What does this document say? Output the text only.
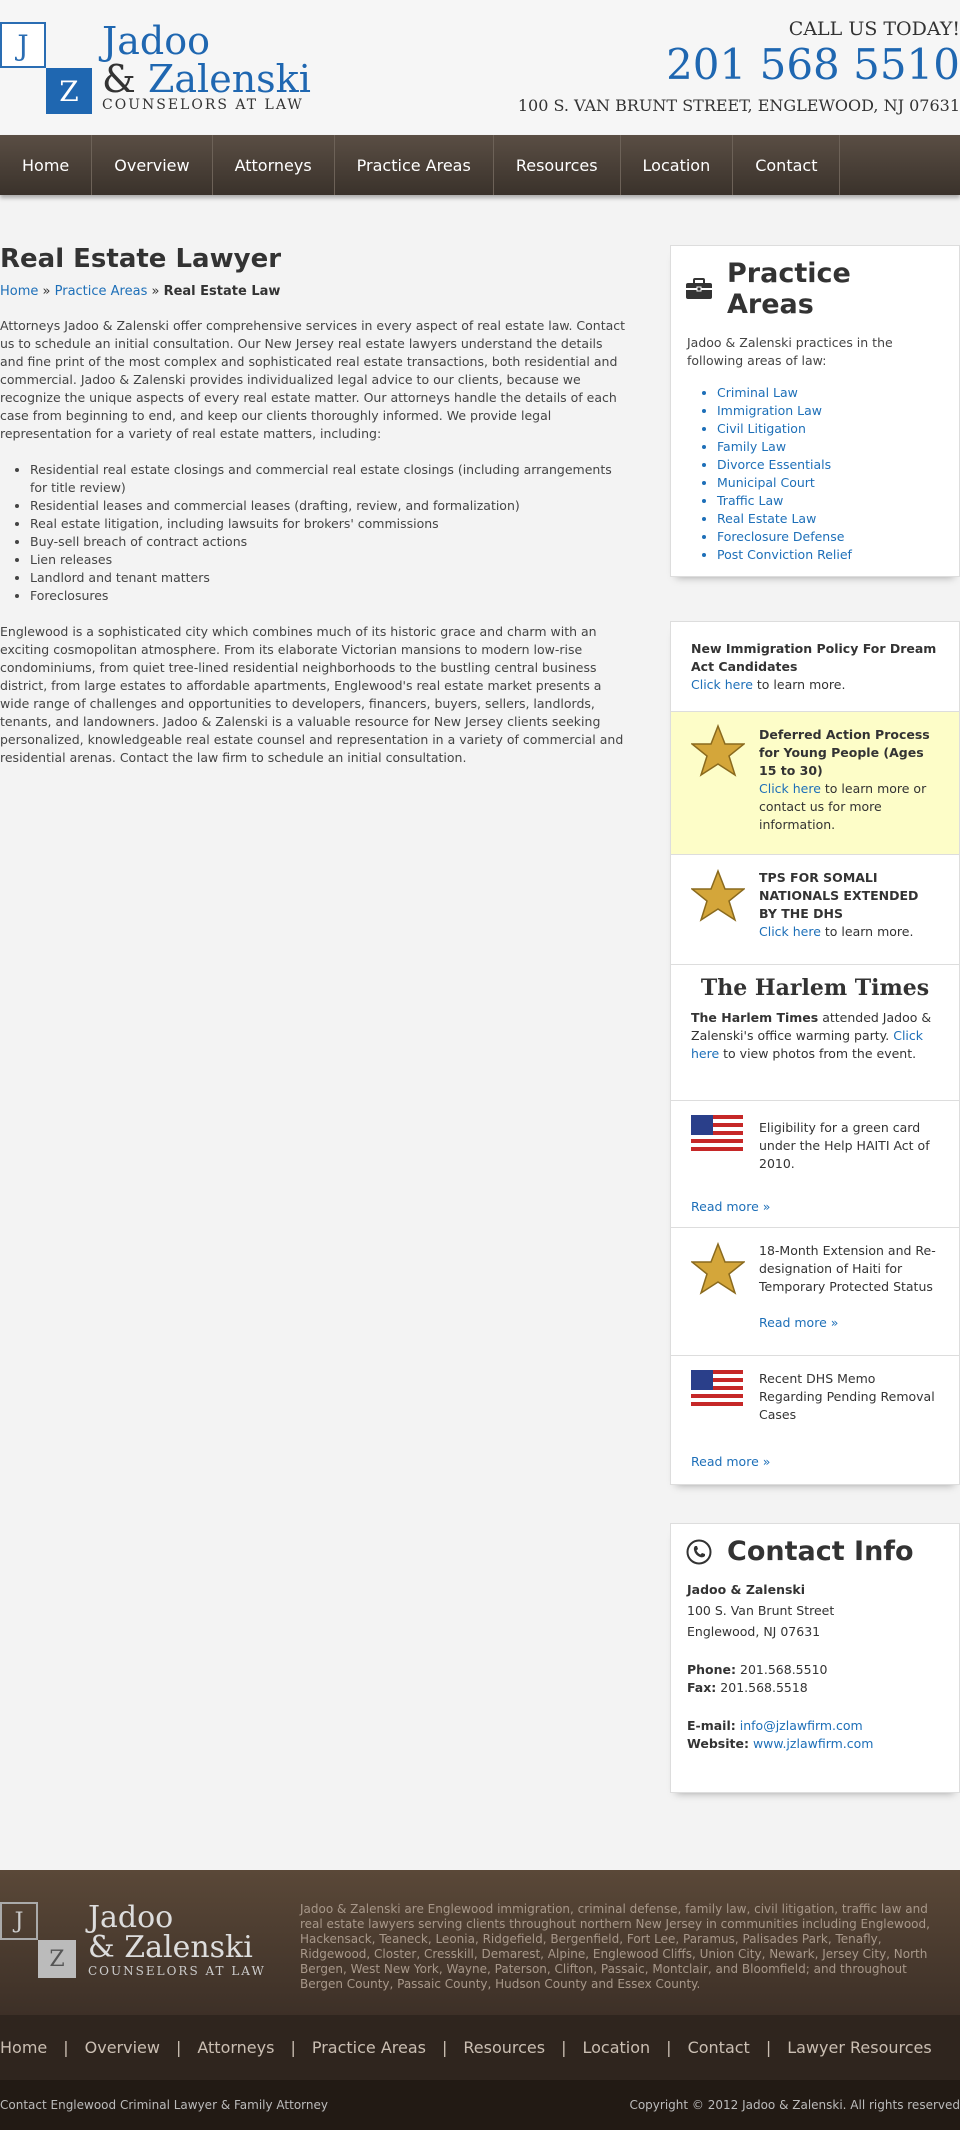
J
Z
Jadoo
& Zalenski
COUNSELORS AT LAW
CALL US TODAY!
201 568 5510
100 S. VAN BRUNT STREET, ENGLEWOOD, NJ 07631
Home	Overview	Attorneys	Practice Areas	Resources	Location	Contact
Real Estate Lawyer
Home » Practice Areas » Real Estate Law

Attorneys Jadoo & Zalenski offer comprehensive services in every aspect of real estate law. Contact us to schedule an initial consultation. Our New Jersey real estate lawyers understand the details and fine print of the most complex and sophisticated real estate transactions, both residential and commercial. Jadoo & Zalenski provides individualized legal advice to our clients, because we recognize the unique aspects of every real estate matter. Our attorneys handle the details of each case from beginning to end, and keep our clients thoroughly informed. We provide legal representation for a variety of real estate matters, including:

• Residential real estate closings and commercial real estate closings (including arrangements for title review)
• Residential leases and commercial leases (drafting, review, and formalization)
• Real estate litigation, including lawsuits for brokers' commissions
• Buy-sell breach of contract actions
• Lien releases
• Landlord and tenant matters
• Foreclosures

Englewood is a sophisticated city which combines much of its historic grace and charm with an exciting cosmopolitan atmosphere. From its elaborate Victorian mansions to modern low-rise condominiums, from quiet tree-lined residential neighborhoods to the bustling central business district, from large estates to affordable apartments, Englewood's real estate market presents a wide range of challenges and opportunities to developers, financers, buyers, sellers, landlords, tenants, and landowners. Jadoo & Zalenski is a valuable resource for New Jersey clients seeking personalized, knowledgeable real estate counsel and representation in a variety of commercial and residential arenas. Contact the law firm to schedule an initial consultation.

Practice Areas
Jadoo & Zalenski practices in the following areas of law:
• Criminal Law
• Immigration Law
• Civil Litigation
• Family Law
• Divorce Essentials
• Municipal Court
• Traffic Law
• Real Estate Law
• Foreclosure Defense
• Post Conviction Relief
New Immigration Policy For Dream Act Candidates
Click here to learn more.
Deferred Action Process for Young People (Ages 15 to 30)
Click here to learn more or contact us for more information.
TPS FOR SOMALI NATIONALS EXTENDED BY THE DHS
Click here to learn more.
The Harlem Times
The Harlem Times attended Jadoo & Zalenski's office warming party. Click here to view photos from the event.
Eligibility for a green card under the Help HAITI Act of 2010.
Read more »
18-Month Extension and Re-designation of Haiti for Temporary Protected Status
Read more »
Recent DHS Memo Regarding Pending Removal Cases
Read more »
Contact Info

Jadoo & Zalenski

100 S. Van Brunt Street

Englewood, NJ 07631

Phone: 201.568.5510

Fax: 201.568.5518

E-mail: info@jzlawfirm.com

Website: www.jzlawfirm.com

J
Z
Jadoo
& Zalenski
COUNSELORS AT LAW
Jadoo & Zalenski are Englewood immigration, criminal defense, family law, civil litigation, traffic law and real estate lawyers serving clients throughout northern New Jersey in communities including Englewood, Hackensack, Teaneck, Leonia, Ridgefield, Bergenfield, Fort Lee, Paramus, Palisades Park, Tenafly, Ridgewood, Closter, Cresskill, Demarest, Alpine, Englewood Cliffs, Union City, Newark, Jersey City, North Bergen, West New York, Wayne, Paterson, Clifton, Passaic, Montclair, and Bloomfield; and throughout Bergen County, Passaic County, Hudson County and Essex County.
Home	|	Overview	|	Attorneys	|	Practice Areas	|	Resources	|	Location	|	Contact	|	Lawyer Resources
Contact Englewood Criminal Lawyer & Family Attorney	Copyright © 2012 Jadoo & Zalenski. All rights reserved
